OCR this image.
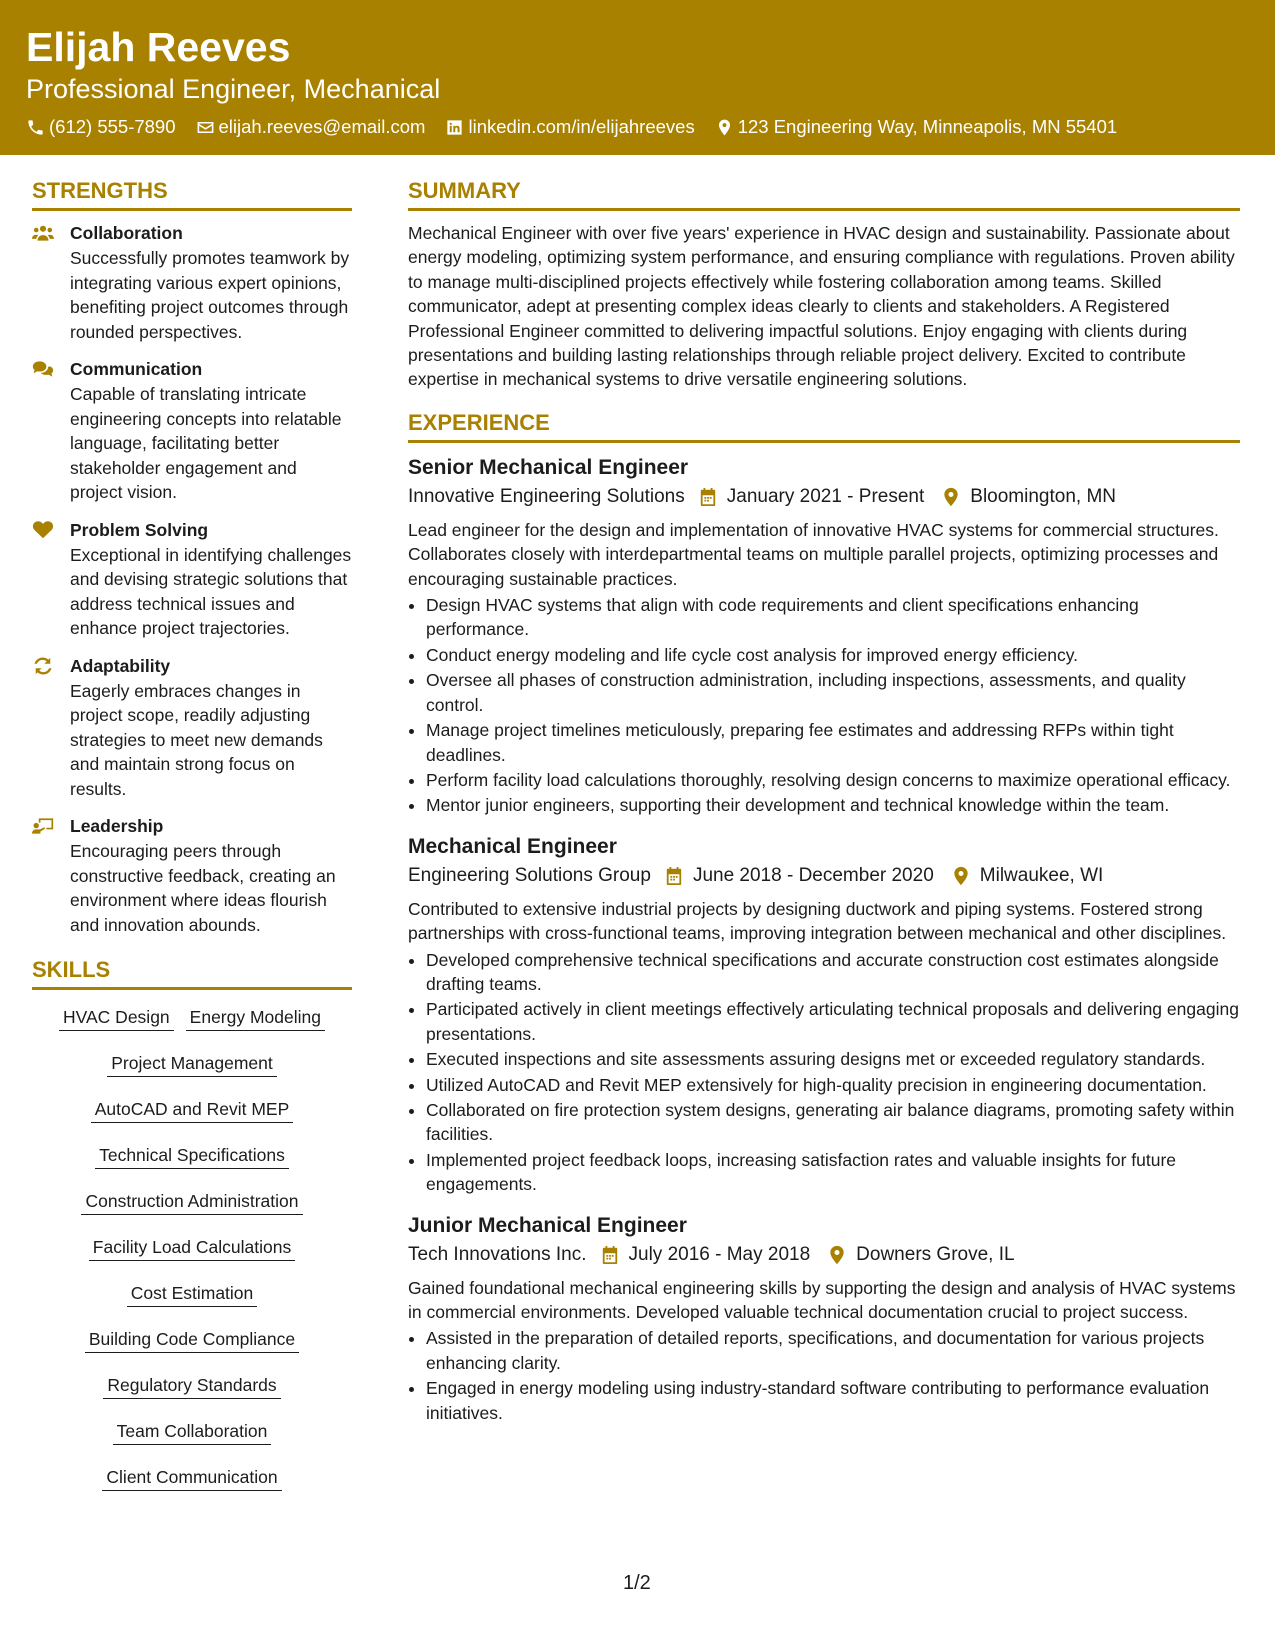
Elijah Reeves
Professional Engineer, Mechanical
(612) 555-7890 elijah.reeves@email.com linkedin.com/in/elijahreeves 123 Engineering Way, Minneapolis, MN 55401
STRENGTHS
Collaboration
Successfully promotes teamwork by integrating various expert opinions, benefiting project outcomes through rounded perspectives.
Communication
Capable of translating intricate engineering concepts into relatable language, facilitating better stakeholder engagement and project vision.
Problem Solving
Exceptional in identifying challenges and devising strategic solutions that address technical issues and enhance project trajectories.
Adaptability
Eagerly embraces changes in project scope, readily adjusting strategies to meet new demands and maintain strong focus on results.
Leadership
Encouraging peers through constructive feedback, creating an environment where ideas flourish and innovation abounds.
SKILLS
HVAC Design Energy Modeling
Project Management
AutoCAD and Revit MEP
Technical Specifications
Construction Administration
Facility Load Calculations
Cost Estimation
Building Code Compliance
Regulatory Standards
Team Collaboration
Client Communication
SUMMARY
Mechanical Engineer with over five years' experience in HVAC design and sustainability. Passionate about energy modeling, optimizing system performance, and ensuring compliance with regulations. Proven ability to manage multi-disciplined projects effectively while fostering collaboration among teams. Skilled communicator, adept at presenting complex ideas clearly to clients and stakeholders. A Registered Professional Engineer committed to delivering impactful solutions. Enjoy engaging with clients during presentations and building lasting relationships through reliable project delivery. Excited to contribute expertise in mechanical systems to drive versatile engineering solutions.
EXPERIENCE
Senior Mechanical Engineer
Innovative Engineering Solutions January 2021 - Present Bloomington, MN
Lead engineer for the design and implementation of innovative HVAC systems for commercial structures. Collaborates closely with interdepartmental teams on multiple parallel projects, optimizing processes and encouraging sustainable practices.
• Design HVAC systems that align with code requirements and client specifications enhancing performance.
• Conduct energy modeling and life cycle cost analysis for improved energy efficiency.
• Oversee all phases of construction administration, including inspections, assessments, and quality control.
• Manage project timelines meticulously, preparing fee estimates and addressing RFPs within tight deadlines.
• Perform facility load calculations thoroughly, resolving design concerns to maximize operational efficacy.
• Mentor junior engineers, supporting their development and technical knowledge within the team.
Mechanical Engineer
Engineering Solutions Group June 2018 - December 2020 Milwaukee, WI
Contributed to extensive industrial projects by designing ductwork and piping systems. Fostered strong partnerships with cross-functional teams, improving integration between mechanical and other disciplines.
• Developed comprehensive technical specifications and accurate construction cost estimates alongside drafting teams.
• Participated actively in client meetings effectively articulating technical proposals and delivering engaging presentations.
• Executed inspections and site assessments assuring designs met or exceeded regulatory standards.
• Utilized AutoCAD and Revit MEP extensively for high-quality precision in engineering documentation.
• Collaborated on fire protection system designs, generating air balance diagrams, promoting safety within facilities.
• Implemented project feedback loops, increasing satisfaction rates and valuable insights for future engagements.
Junior Mechanical Engineer
Tech Innovations Inc. July 2016 - May 2018 Downers Grove, IL
Gained foundational mechanical engineering skills by supporting the design and analysis of HVAC systems in commercial environments. Developed valuable technical documentation crucial to project success.
• Assisted in the preparation of detailed reports, specifications, and documentation for various projects enhancing clarity.
• Engaged in energy modeling using industry-standard software contributing to performance evaluation initiatives.
1/2
